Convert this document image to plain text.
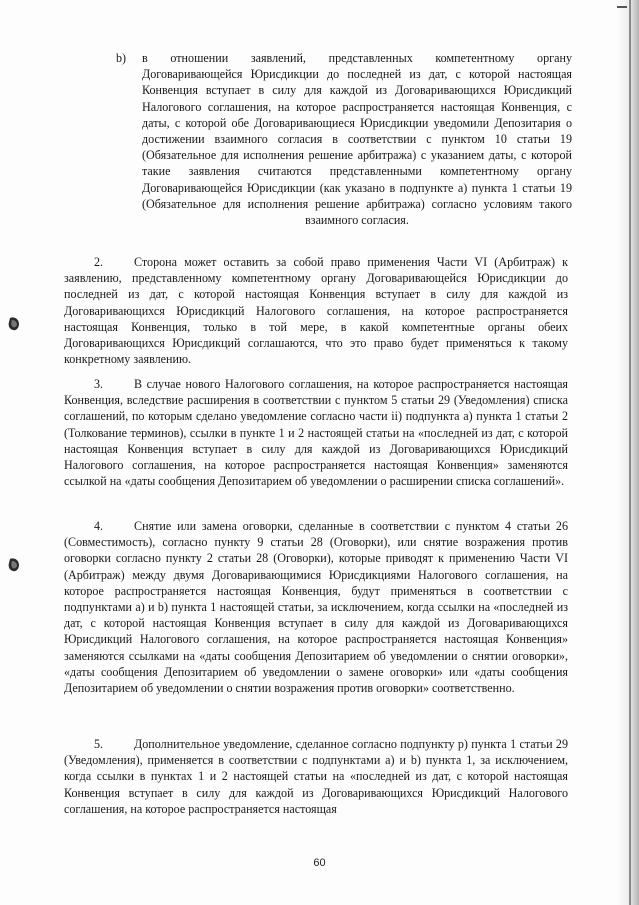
b) в отношении заявлений, представленных компетентному органу Договаривающейся Юрисдикции до последней из дат, с которой настоящая Конвенция вступает в силу для каждой из Договаривающихся Юрисдикций Налогового соглашения, на которое распространяется настоящая Конвенция, с даты, с которой обе Договаривающиеся Юрисдикции уведомили Депозитария о достижении взаимного согласия в соответствии с пунктом 10 статьи 19 (Обязательное для исполнения решение арбитража) с указанием даты, с которой такие заявления считаются представленными компетентному органу Договаривающейся Юрисдикции (как указано в подпункте а) пункта 1 статьи 19 (Обязательное для исполнения решение арбитража) согласно условиям такого взаимного согласия.

2.	Сторона может оставить за собой право применения Части VI (Арбитраж) к заявлению, представленному компетентному органу Договаривающейся Юрисдикции до последней из дат, с которой настоящая Конвенция вступает в силу для каждой из Договаривающихся Юрисдикций Налогового соглашения, на которое распространяется настоящая Конвенция, только в той мере, в какой компетентные органы обеих Договаривающихся Юрисдикций соглашаются, что это право будет применяться к такому конкретному заявлению.

3.	В случае нового Налогового соглашения, на которое распространяется настоящая Конвенция, вследствие расширения в соответствии с пунктом 5 статьи 29 (Уведомления) списка соглашений, по которым сделано уведомление согласно части ii) подпункта а) пункта 1 статьи 2 (Толкование терминов), ссылки в пункте 1 и 2 настоящей статьи на «последней из дат, с которой настоящая Конвенция вступает в силу для каждой из Договаривающихся Юрисдикций Налогового соглашения, на которое распространяется настоящая Конвенция» заменяются ссылкой на «даты сообщения Депозитарием об уведомлении о расширении списка соглашений».

4.	Снятие или замена оговорки, сделанные в соответствии с пунктом 4 статьи 26 (Совместимость), согласно пункту 9 статьи 28 (Оговорки), или снятие возражения против оговорки согласно пункту 2 статьи 28 (Оговорки), которые приводят к применению Части VI (Арбитраж) между двумя Договаривающимися Юрисдикциями Налогового соглашения, на которое распространяется настоящая Конвенция, будут применяться в соответствии с подпунктами а) и b) пункта 1 настоящей статьи, за исключением, когда ссылки на «последней из дат, с которой настоящая Конвенция вступает в силу для каждой из Договаривающихся Юрисдикций Налогового соглашения, на которое распространяется настоящая Конвенция» заменяются ссылками на «даты сообщения Депозитарием об уведомлении о снятии оговорки», «даты сообщения Депозитарием об уведомлении о замене оговорки» или «даты сообщения Депозитарием об уведомлении о снятии возражения против оговорки» соответственно.

5.	Дополнительное уведомление, сделанное согласно подпункту р) пункта 1 статьи 29 (Уведомления), применяется в соответствии с подпунктами а) и b) пункта 1, за исключением, когда ссылки в пунктах 1 и 2 настоящей статьи на «последней из дат, с которой настоящая Конвенция вступает в силу для каждой из Договаривающихся Юрисдикций Налогового соглашения, на которое распространяется настоящая

60
